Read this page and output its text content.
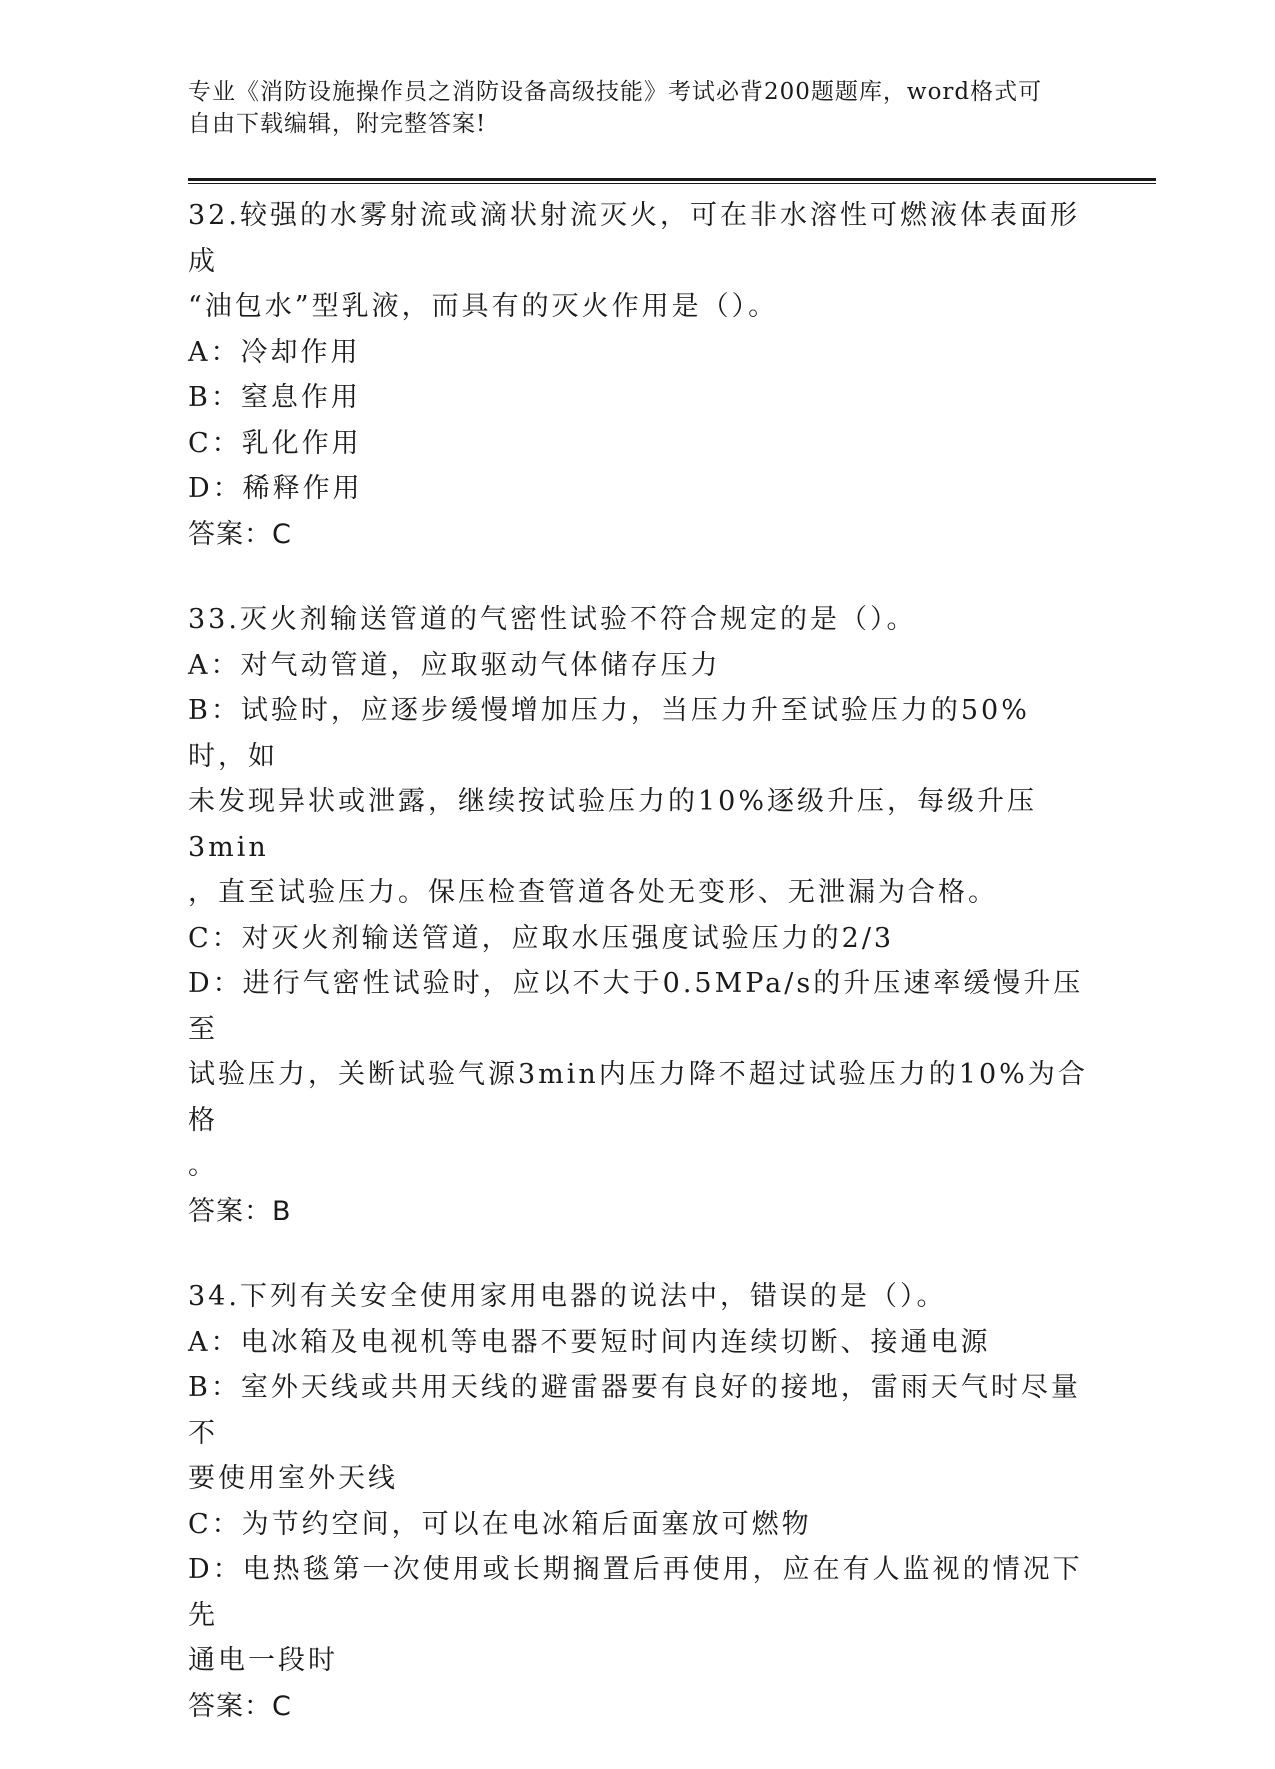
专业《消防设施操作员之消防设备高级技能》考试必背200题题库，word格式可
自由下载编辑，附完整答案!
32.较强的水雾射流或滴状射流灭火，可在非水溶性可燃液体表面形成
“油包水”型乳液，而具有的灭火作用是（）。
A：冷却作用
B：窒息作用
C：乳化作用
D：稀释作用
答案：C
33.灭火剂输送管道的气密性试验不符合规定的是（）。
A：对气动管道，应取驱动气体储存压力
B：试验时，应逐步缓慢增加压力，当压力升至试验压力的50%时，如
未发现异状或泄露，继续按试验压力的10%逐级升压，每级升压3min
，直至试验压力。保压检查管道各处无变形、无泄漏为合格。
C：对灭火剂输送管道，应取水压强度试验压力的2/3
D：进行气密性试验时，应以不大于0.5MPa/s的升压速率缓慢升压至
试验压力，关断试验气源3min内压力降不超过试验压力的10%为合格
。
答案：B
34.下列有关安全使用家用电器的说法中，错误的是（）。
A：电冰箱及电视机等电器不要短时间内连续切断、接通电源
B：室外天线或共用天线的避雷器要有良好的接地，雷雨天气时尽量不
要使用室外天线
C：为节约空间，可以在电冰箱后面塞放可燃物
D：电热毯第一次使用或长期搁置后再使用，应在有人监视的情况下先
通电一段时
答案：C
